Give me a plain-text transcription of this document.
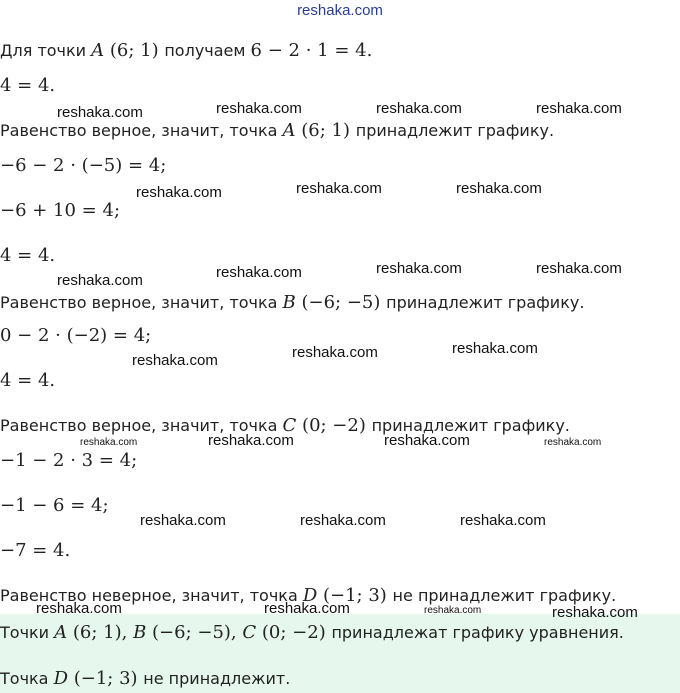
reshaka.com
Для точки A (6; 1) получаем 6 − 2 · 1 = 4.
4 = 4.
Равенство верное, значит, точка A (6; 1) принадлежит графику.
−6 − 2 · (−5) = 4;
−6 + 10 = 4;
4 = 4.
Равенство верное, значит, точка B (−6; −5) принадлежит графику.
0 − 2 · (−2) = 4;
4 = 4.
Равенство верное, значит, точка C (0; −2) принадлежит графику.
−1 − 2 · 3 = 4;
−1 − 6 = 4;
−7 = 4.
Равенство неверное, значит, точка D (−1; 3) не принадлежит графику.
Точки A (6; 1), B (−6; −5), C (0; −2) принадлежат графику уравнения.
Точка D (−1; 3) не принадлежит.
reshaka.com	reshaka.com	reshaka.com	reshaka.com
reshaka.com	reshaka.com	reshaka.com
reshaka.com	reshaka.com	reshaka.com	reshaka.com
reshaka.com	reshaka.com	reshaka.com
reshaka.com	reshaka.com	reshaka.com	reshaka.com
reshaka.com	reshaka.com	reshaka.com
reshaka.com	reshaka.com	reshaka.com	reshaka.com
